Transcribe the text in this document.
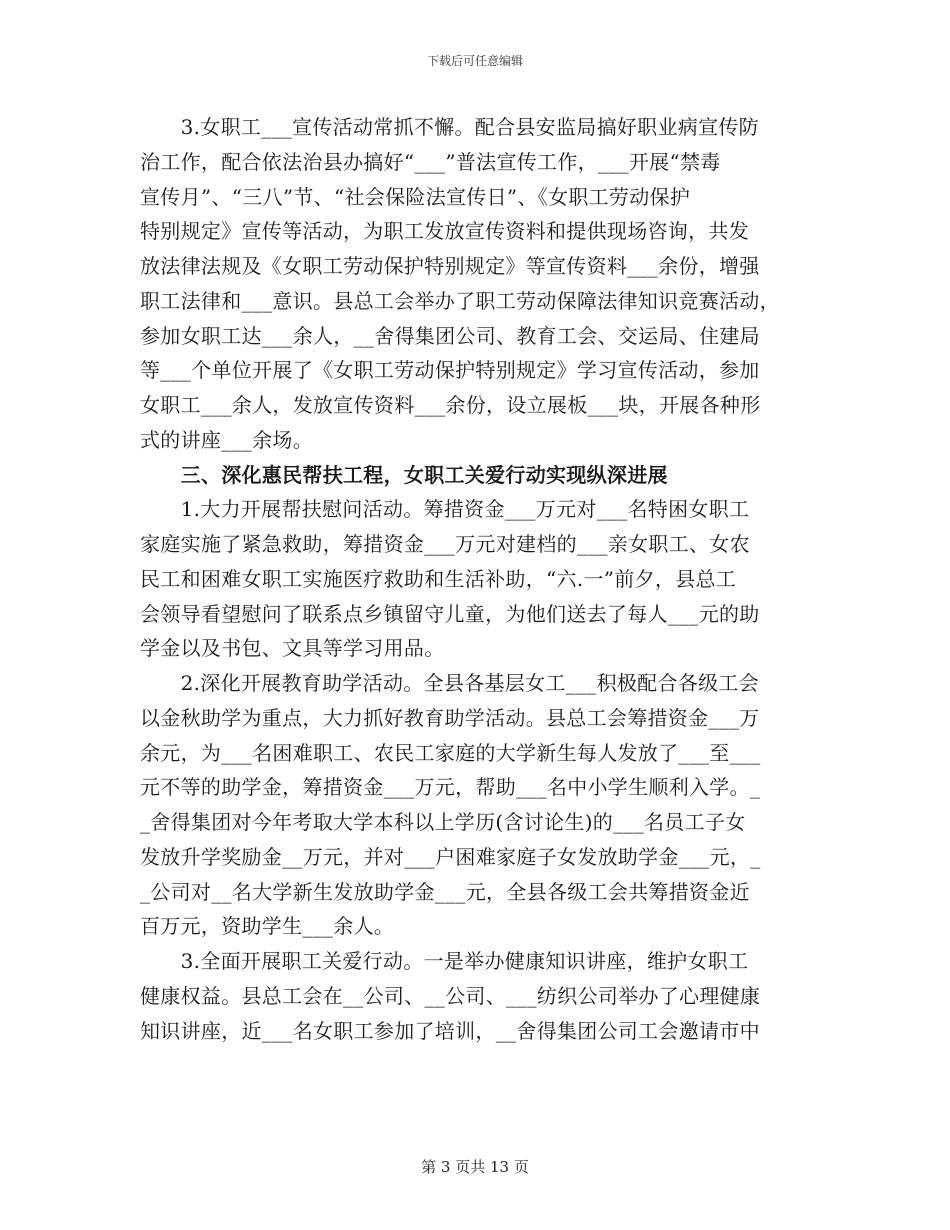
下载后可任意编辑
　　3.女职工___宣传活动常抓不懈。配合县安监局搞好职业病宣传防
治工作，配合依法治县办搞好“___”普法宣传工作，___开展“禁毒
宣传月”、“三八”节、“社会保险法宣传日”、《女职工劳动保护
特别规定》宣传等活动，为职工发放宣传资料和提供现场咨询，共发
放法律法规及《女职工劳动保护特别规定》等宣传资料___余份，增强
职工法律和___意识。县总工会举办了职工劳动保障法律知识竞赛活动，
参加女职工达___余人，__舍得集团公司、教育工会、交运局、住建局
等___个单位开展了《女职工劳动保护特别规定》学习宣传活动，参加
女职工___余人，发放宣传资料___余份，设立展板___块，开展各种形
式的讲座___余场。
　　三、深化惠民帮扶工程，女职工关爱行动实现纵深进展
　　1.大力开展帮扶慰问活动。筹措资金___万元对___名特困女职工
家庭实施了紧急救助，筹措资金___万元对建档的___亲女职工、女农
民工和困难女职工实施医疗救助和生活补助，“六.一”前夕，县总工
会领导看望慰问了联系点乡镇留守儿童，为他们送去了每人___元的助
学金以及书包、文具等学习用品。
　　2.深化开展教育助学活动。全县各基层女工___积极配合各级工会
以金秋助学为重点，大力抓好教育助学活动。县总工会筹措资金___万
余元，为___名困难职工、农民工家庭的大学新生每人发放了___至___
元不等的助学金，筹措资金___万元，帮助___名中小学生顺利入学。_
_舍得集团对今年考取大学本科以上学历(含讨论生)的___名员工子女
发放升学奖励金__万元，并对___户困难家庭子女发放助学金___元，_
_公司对__名大学新生发放助学金___元，全县各级工会共筹措资金近
百万元，资助学生___余人。
　　3.全面开展职工关爱行动。一是举办健康知识讲座，维护女职工
健康权益。县总工会在__公司、__公司、___纺织公司举办了心理健康
知识讲座，近___名女职工参加了培训，__舍得集团公司工会邀请市中
第 3 页共 13 页
